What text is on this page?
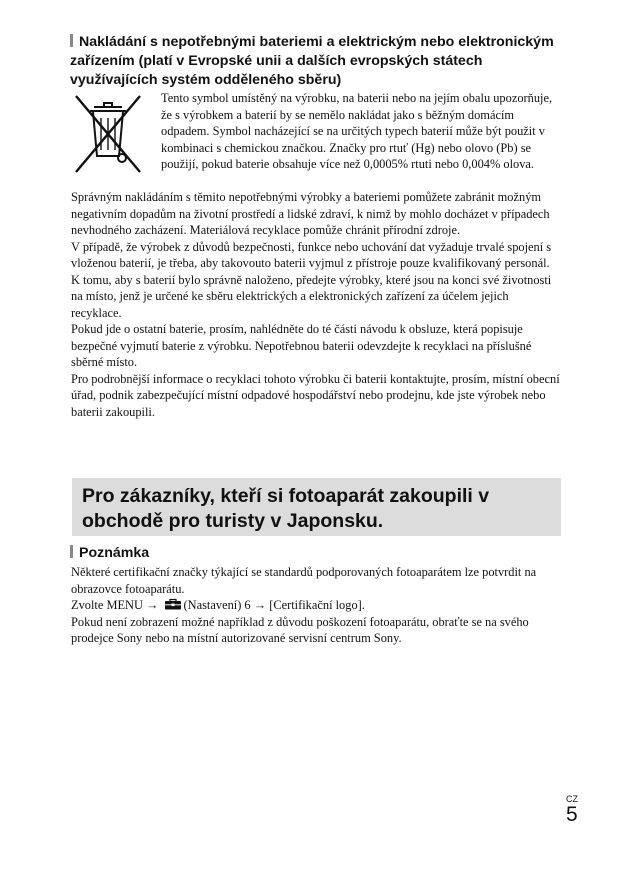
Nakládání s nepotřebnými bateriemi a elektrickým nebo elektronickým zařízením (platí v Evropské unii a dalších evropských státech využívajících systém odděleného sběru)

Tento symbol umístěný na výrobku, na baterii nebo na jejím obalu upozorňuje, že s výrobkem a baterií by se nemělo nakládat jako s běžným domácím odpadem. Symbol nacházející se na určitých typech baterií může být použit v kombinaci s chemickou značkou. Značky pro rtuť (Hg) nebo olovo (Pb) se použijí, pokud baterie obsahuje více než 0,0005% rtuti nebo 0,004% olova.

Správným nakládáním s těmito nepotřebnými výrobky a bateriemi pomůžete zabránit možným negativním dopadům na životní prostředí a lidské zdraví, k nimž by mohlo docházet v případech nevhodného zacházení. Materiálová recyklace pomůže chránit přírodní zdroje.

V případě, že výrobek z důvodů bezpečnosti, funkce nebo uchování dat vyžaduje trvalé spojení s vloženou baterií, je třeba, aby takovouto baterii vyjmul z přístroje pouze kvalifikovaný personál.

K tomu, aby s baterií bylo správně naloženo, předejte výrobky, které jsou na konci své životnosti na místo, jenž je určené ke sběru elektrických a elektronických zařízení za účelem jejich recyklace.

Pokud jde o ostatní baterie, prosím, nahlédněte do té části návodu k obsluze, která popisuje bezpečné vyjmutí baterie z výrobku. Nepotřebnou baterii odevzdejte k recyklaci na příslušné sběrné místo.

Pro podrobnější informace o recyklaci tohoto výrobku či baterii kontaktujte, prosím, místní obecní úřad, podnik zabezpečující místní odpadové hospodářství nebo prodejnu, kde jste výrobek nebo baterii zakoupili.

Pro zákazníky, kteří si fotoaparát zakoupili v obchodě pro turisty v Japonsku.
Poznámka

Některé certifikační značky týkající se standardů podporovaných fotoaparátem lze potvrdit na obrazovce fotoaparátu.

Zvolte MENU → (Nastavení) 6 → [Certifikační logo].

Pokud není zobrazení možné například z důvodu poškození fotoaparátu, obraťte se na svého prodejce Sony nebo na místní autorizované servisní centrum Sony.

CZ
5
